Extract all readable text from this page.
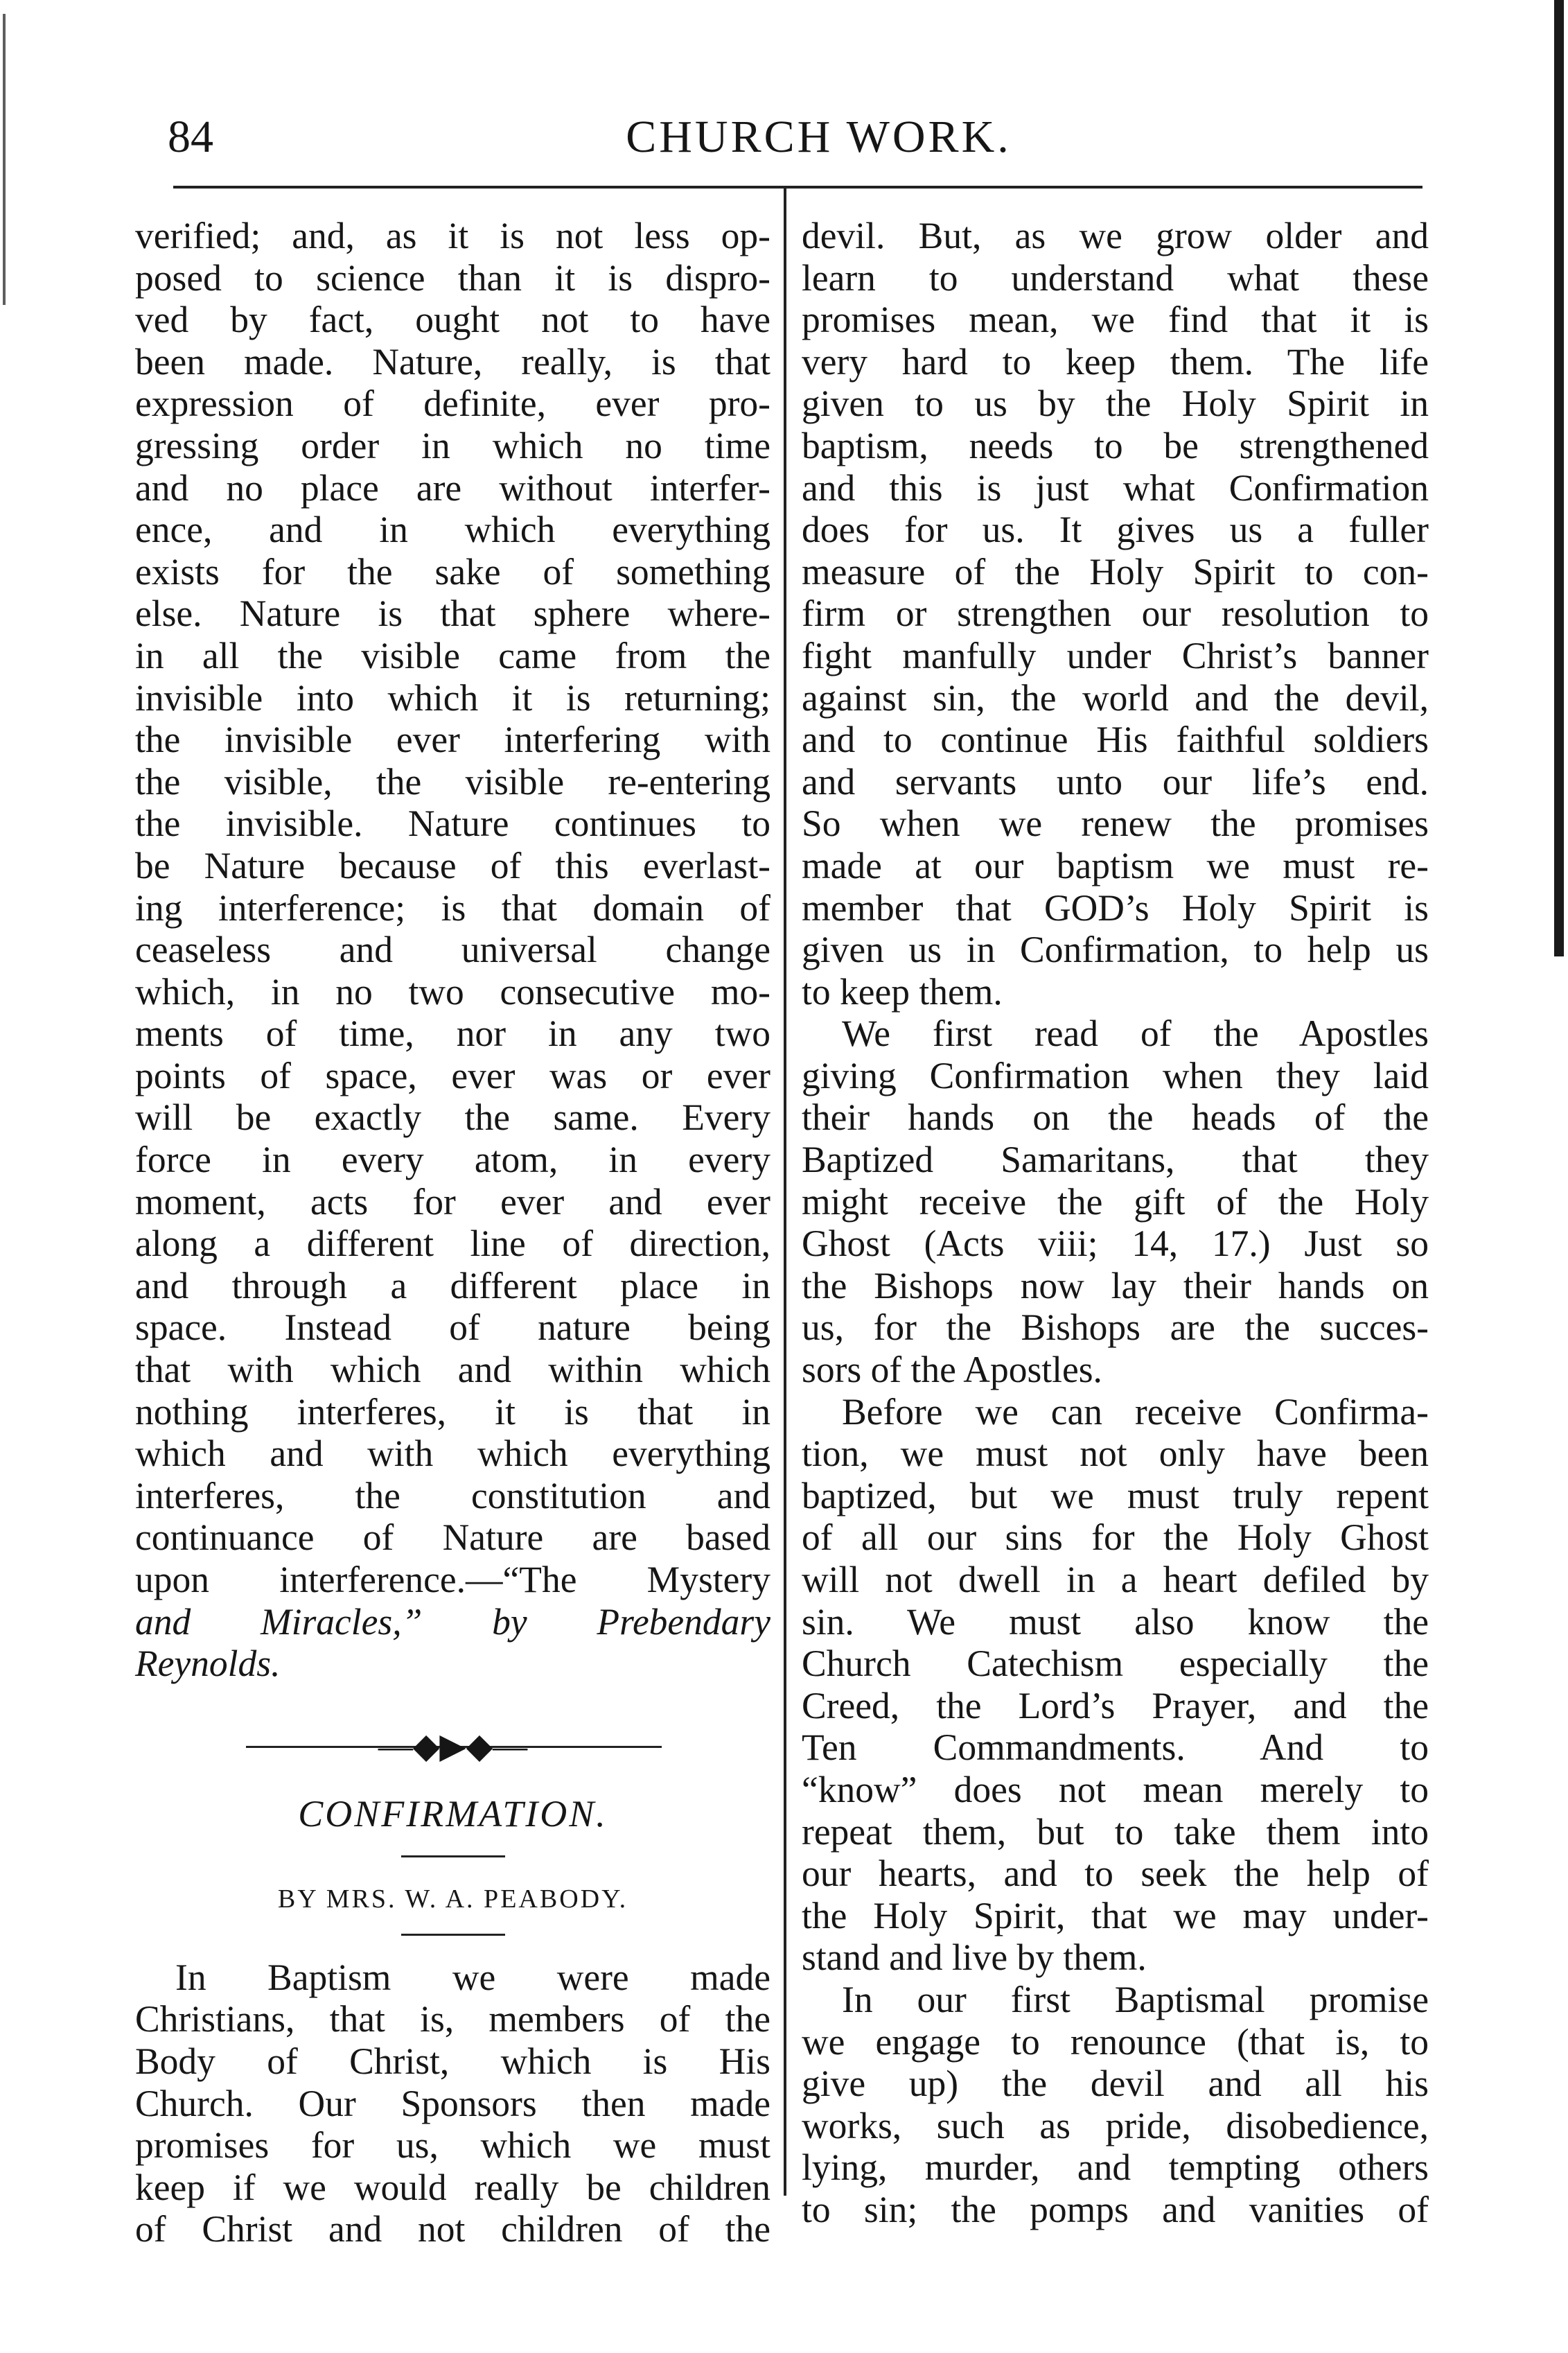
84	CHURCH WORK.
verified; and, as it is not less op-
posed to science than it is dispro-
ved by fact, ought not to have
been made. Nature, really, is that
expression of definite, ever pro-
gressing order in which no time
and no place are without interfer-
ence, and in which everything
exists for the sake of something
else. Nature is that sphere where-
in all the visible came from the
invisible into which it is returning;
the invisible ever interfering with
the visible, the visible re-entering
the invisible. Nature continues to
be Nature because of this everlast-
ing interference; is that domain of
ceaseless and universal change
which, in no two consecutive mo-
ments of time, nor in any two
points of space, ever was or ever
will be exactly the same. Every
force in every atom, in every
moment, acts for ever and ever
along a different line of direction,
and through a different place in
space. Instead of nature being
that with which and within which
nothing interferes, it is that in
which and with which everything
interferes, the constitution and
continuance of Nature are based
upon interference.—“The Mystery
and Miracles,” by Prebendary
Reynolds.
—◆▶◆—
CONFIRMATION.
BY MRS. W. A. PEABODY.
In Baptism we were made
Christians, that is, members of the
Body of Christ, which is His
Church. Our Sponsors then made
promises for us, which we must
keep if we would really be children
of Christ and not children of the
devil. But, as we grow older and
learn to understand what these
promises mean, we find that it is
very hard to keep them. The life
given to us by the Holy Spirit in
baptism, needs to be strengthened
and this is just what Confirmation
does for us. It gives us a fuller
measure of the Holy Spirit to con-
firm or strengthen our resolution to
fight manfully under Christ’s banner
against sin, the world and the devil,
and to continue His faithful soldiers
and servants unto our life’s end.
So when we renew the promises
made at our baptism we must re-
member that GOD’s Holy Spirit is
given us in Confirmation, to help us
to keep them.
We first read of the Apostles
giving Confirmation when they laid
their hands on the heads of the
Baptized Samaritans, that they
might receive the gift of the Holy
Ghost (Acts viii; 14, 17.) Just so
the Bishops now lay their hands on
us, for the Bishops are the succes-
sors of the Apostles.
Before we can receive Confirma-
tion, we must not only have been
baptized, but we must truly repent
of all our sins for the Holy Ghost
will not dwell in a heart defiled by
sin. We must also know the
Church Catechism especially the
Creed, the Lord’s Prayer, and the
Ten Commandments. And to
“know” does not mean merely to
repeat them, but to take them into
our hearts, and to seek the help of
the Holy Spirit, that we may under-
stand and live by them.
In our first Baptismal promise
we engage to renounce (that is, to
give up) the devil and all his
works, such as pride, disobedience,
lying, murder, and tempting others
to sin; the pomps and vanities of
